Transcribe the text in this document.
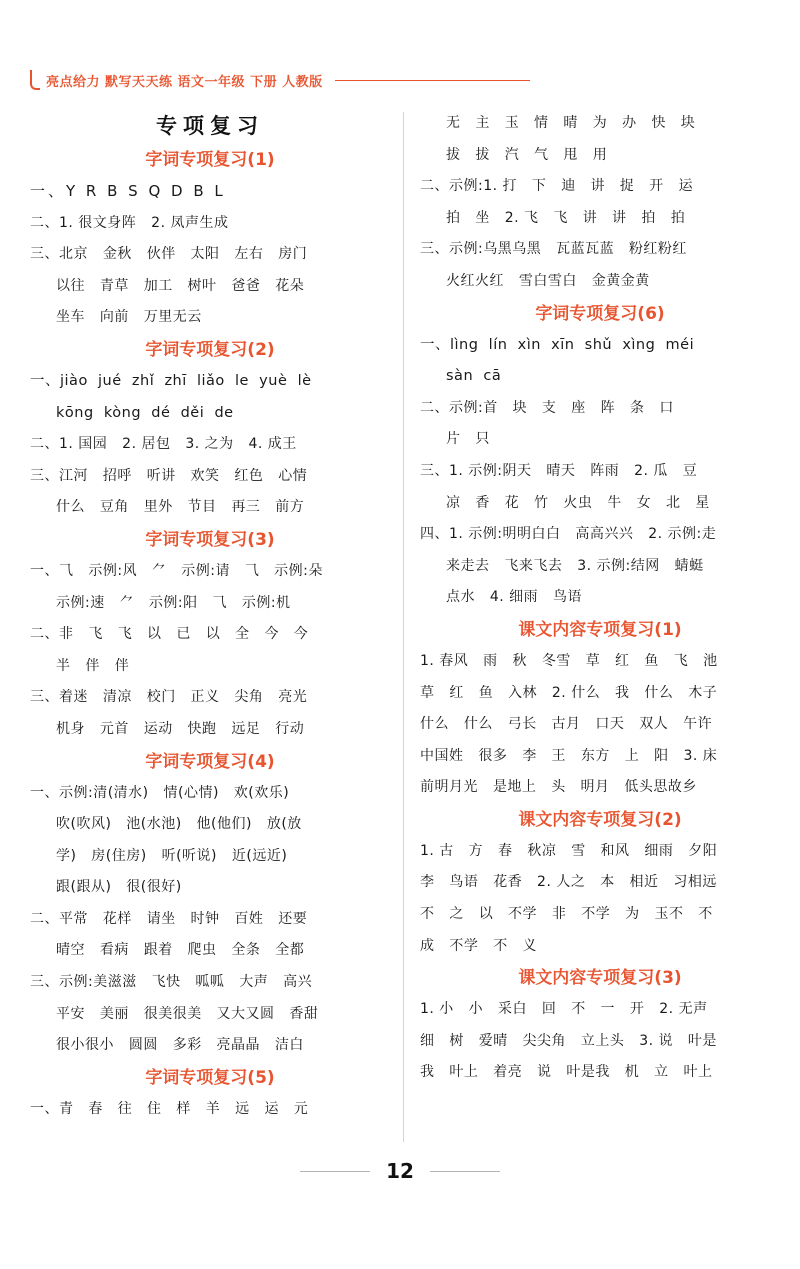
亮点给力 默写天天练 语文一年级 下册 人教版
专项复习
字词专项复习(1)
一、Y R B S Q D B L
二、1. 很文身阵   2. 凤声生成
三、北京   金秋   伙伴   太阳   左右   房门
以往   青草   加工   树叶   爸爸   花朵
坐车   向前   万里无云
字词专项复习(2)
一、jiào  jué  zhǐ  zhī  liǎo  le  yuè  lè
kōng  kòng  dé  děi  de
二、1. 国园   2. 居包   3. 之为   4. 成王
三、江河   招呼   听讲   欢笑   红色   心情
什么   豆角   里外   节目   再三   前方
字词专项复习(3)
一、⺄   示例:风   ⺈   示例:请   ⺄   示例:朵
示例:速   ⺈   示例:阳   ⺄   示例:机
二、非   飞   飞   以   已   以   全   今   今
半   伴   伴
三、着迷   清凉   校门   正义   尖角   亮光
机身   元首   运动   快跑   远足   行动
字词专项复习(4)
一、示例:清(清水)   情(心情)   欢(欢乐)
吹(吹风)   池(水池)   他(他们)   放(放
学)   房(住房)   听(听说)   近(远近)
跟(跟从)   很(很好)
二、平常   花样   请坐   时钟   百姓   还要
晴空   看病   跟着   爬虫   全条   全都
三、示例:美滋滋   飞快   呱呱   大声   高兴
平安   美丽   很美很美   又大又圆   香甜
很小很小   圆圆   多彩   亮晶晶   洁白
字词专项复习(5)
一、青   春   往   住   样   羊   远   运   元
无   主   玉   情   晴   为   办   快   块
拔   拔   汽   气   甩   用
二、示例:1. 打   下   迪   讲   捉   开   运
拍   坐   2. 飞   飞   讲   讲   拍   拍
三、示例:乌黑乌黑   瓦蓝瓦蓝   粉红粉红
火红火红   雪白雪白   金黄金黄
字词专项复习(6)
一、lìng  lín  xìn  xīn  shǔ  xìng  méi
sàn  cā
二、示例:首   块   支   座   阵   条   口
片   只
三、1. 示例:阴天   晴天   阵雨   2. 瓜   豆
凉   香   花   竹   火虫   牛   女   北   星
四、1. 示例:明明白白   高高兴兴   2. 示例:走
来走去   飞来飞去   3. 示例:结网   蜻蜓
点水   4. 细雨   鸟语
课文内容专项复习(1)
1. 春风   雨   秋   冬雪   草   红   鱼   飞   池
草   红   鱼   入林   2. 什么   我   什么   木子
什么   什么   弓长   古月   口天   双人   午许
中国姓   很多   李   王   东方   上   阳   3. 床
前明月光   是地上   头   明月   低头思故乡
课文内容专项复习(2)
1. 古   方   春   秋凉   雪   和风   细雨   夕阳
李   鸟语   花香   2. 人之   本   相近   习相远
不   之   以   不学   非   不学   为   玉不   不
成   不学   不   义
课文内容专项复习(3)
1. 小   小   采白   回   不   一   开   2. 无声
细   树   爱晴   尖尖角   立上头   3. 说   叶是
我   叶上   着亮   说   叶是我   机   立   叶上
12
